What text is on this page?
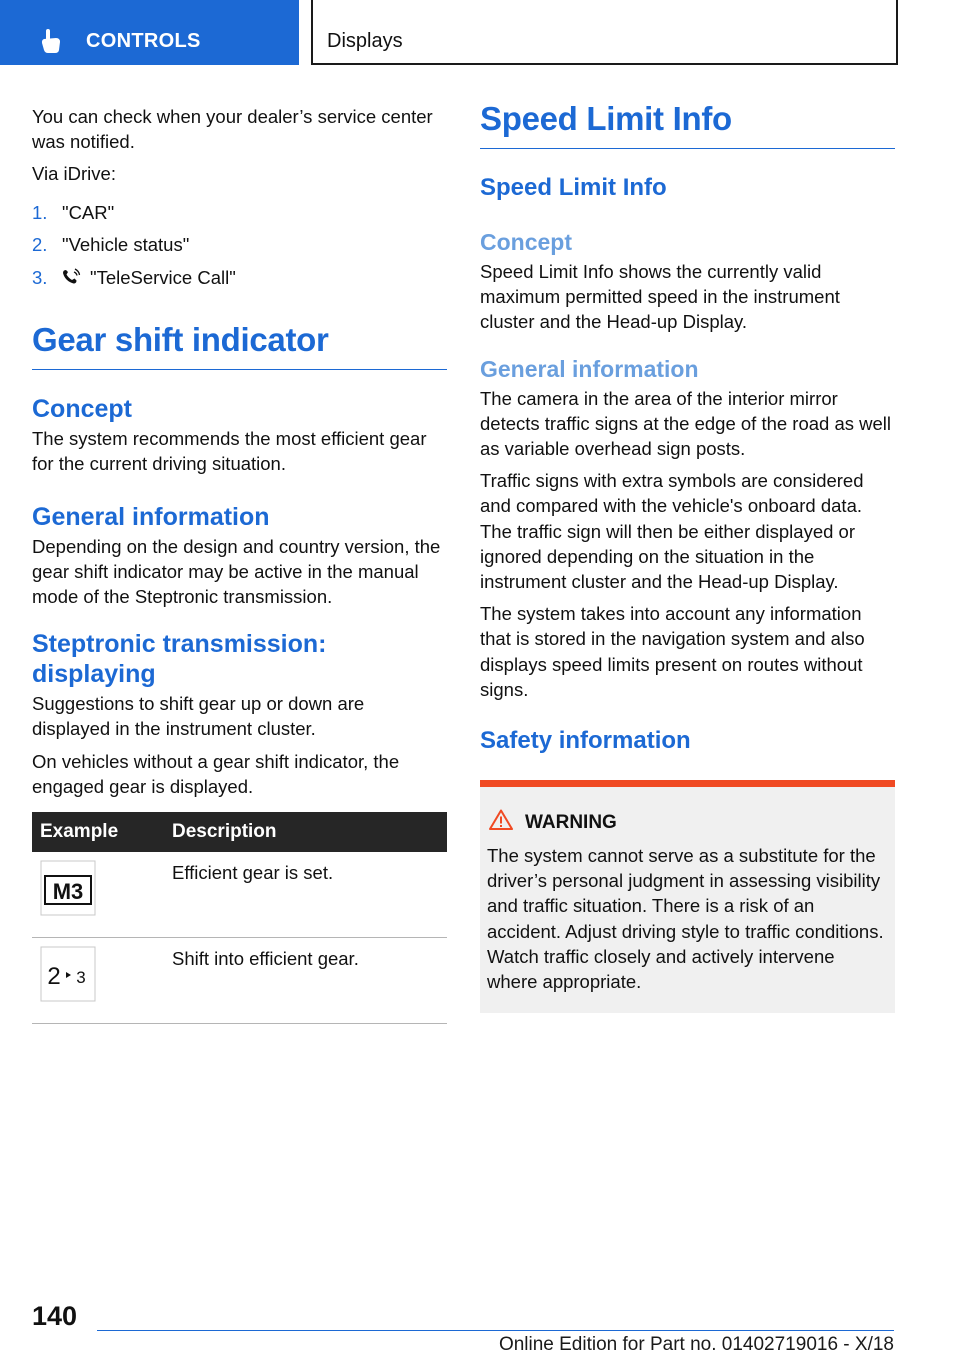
CONTROLS	Displays

You can check when your dealer’s service center was notified.

Via iDrive:

1. "CAR"
2. "Vehicle status"
3. "TeleService Call"
Gear shift indicator
Concept

The system recommends the most efficient gear for the current driving situation.

General information

Depending on the design and country version, the gear shift indicator may be active in the manual mode of the Steptronic transmission.

Steptronic transmission: displaying

Suggestions to shift gear up or down are displayed in the instrument cluster.

On vehicles without a gear shift indicator, the engaged gear is displayed.

Example	Description

M3	Efficient gear is set.

2 3	Shift into efficient gear.
Speed Limit Info
Speed Limit Info
Concept

Speed Limit Info shows the currently valid maximum permitted speed in the instrument cluster and the Head-up Display.

General information

The camera in the area of the interior mirror detects traffic signs at the edge of the road as well as variable overhead sign posts.

Traffic signs with extra symbols are considered and compared with the vehicle's onboard data. The traffic sign will then be either displayed or ignored depending on the situation in the instrument cluster and the Head-up Display.

The system takes into account any information that is stored in the navigation system and also displays speed limits present on routes without signs.

Safety information
WARNING

The system cannot serve as a substitute for the driver’s personal judgment in assessing visibility and traffic situation. There is a risk of an accident. Adjust driving style to traffic conditions. Watch traffic closely and actively intervene where appropriate.

140
Online Edition for Part no. 01402719016 - X/18
